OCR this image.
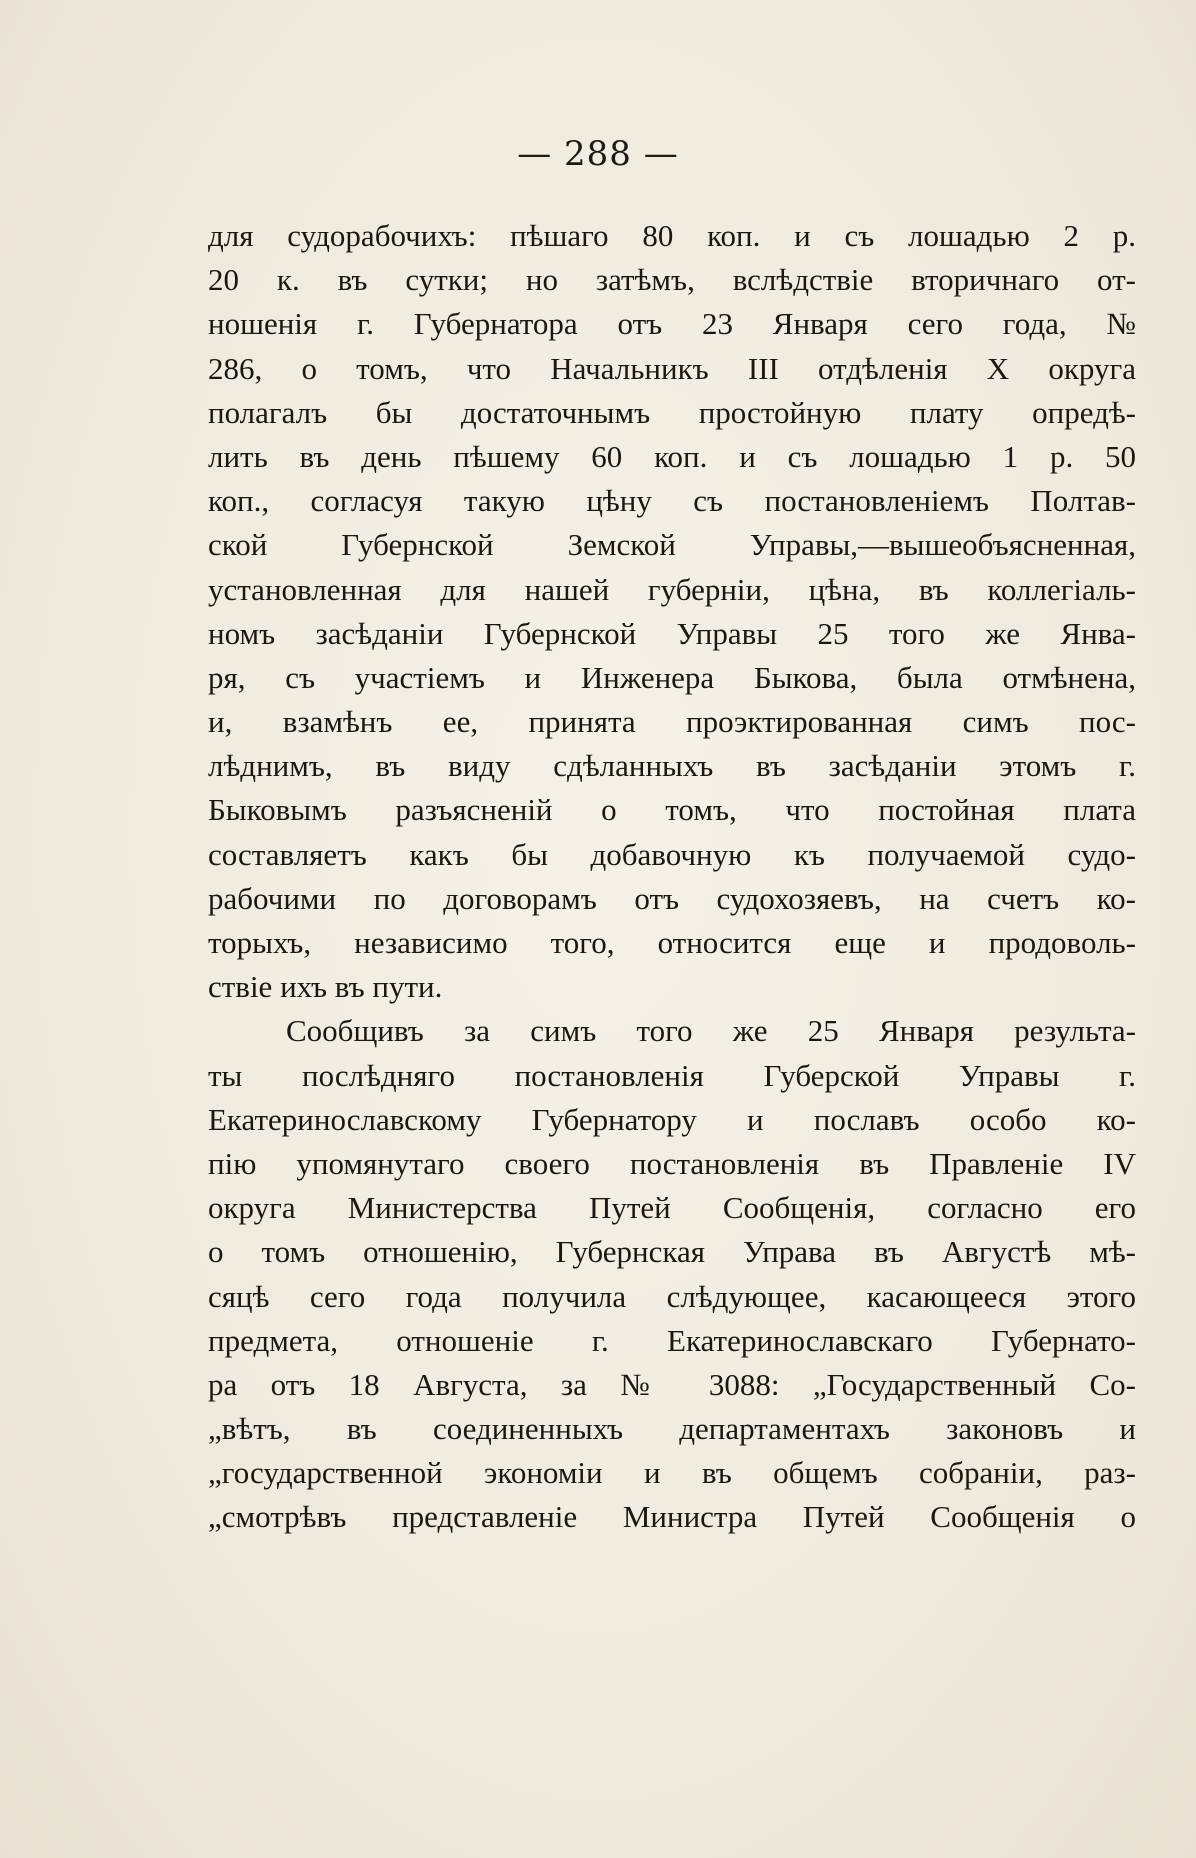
— 288 —
для судорабочихъ: пѣшаго 80 коп. и съ лошадью 2 р.
20 к. въ сутки; но затѣмъ, вслѣдствіе вторичнаго от-
ношенія г. Губернатора отъ 23 Января сего года, №
286, о томъ, что Начальникъ III отдѣленія X округа
полагалъ бы достаточнымъ простойную плату опредѣ-
лить въ день пѣшему 60 коп. и съ лошадью 1 р. 50
коп., согласуя такую цѣну съ постановленіемъ Полтав-
ской Губернской Земской Управы,—вышеобъясненная,
установленная для нашей губерніи, цѣна, въ коллегіаль-
номъ засѣданіи Губернской Управы 25 того же Янва-
ря, съ участіемъ и Инженера Быкова, была отмѣнена,
и, взамѣнъ ее, принята проэктированная симъ пос-
лѣднимъ, въ виду сдѣланныхъ въ засѣданіи этомъ г.
Быковымъ разъясненій о томъ, что постойная плата
составляетъ какъ бы добавочную къ получаемой судо-
рабочими по договорамъ отъ судохозяевъ, на счетъ ко-
торыхъ, независимо того, относится еще и продоволь-
ствіе ихъ въ пути.
Сообщивъ за симъ того же 25 Января результа-
ты послѣдняго постановленія Губерской Управы г.
Екатеринославскому Губернатору и пославъ особо ко-
пію упомянутаго своего постановленія въ Правленіе IV
округа Министерства Путей Сообщенія, согласно его
о томъ отношенію, Губернская Управа въ Августѣ мѣ-
сяцѣ сего года получила слѣдующее, касающееся этого
предмета, отношеніе г. Екатеринославскаго Губернато-
ра отъ 18 Августа, за № 3088: „Государственный Со-
„вѣтъ, въ соединенныхъ департаментахъ законовъ и
„государственной экономіи и въ общемъ собраніи, раз-
„смотрѣвъ представленіе Министра Путей Сообщенія о
